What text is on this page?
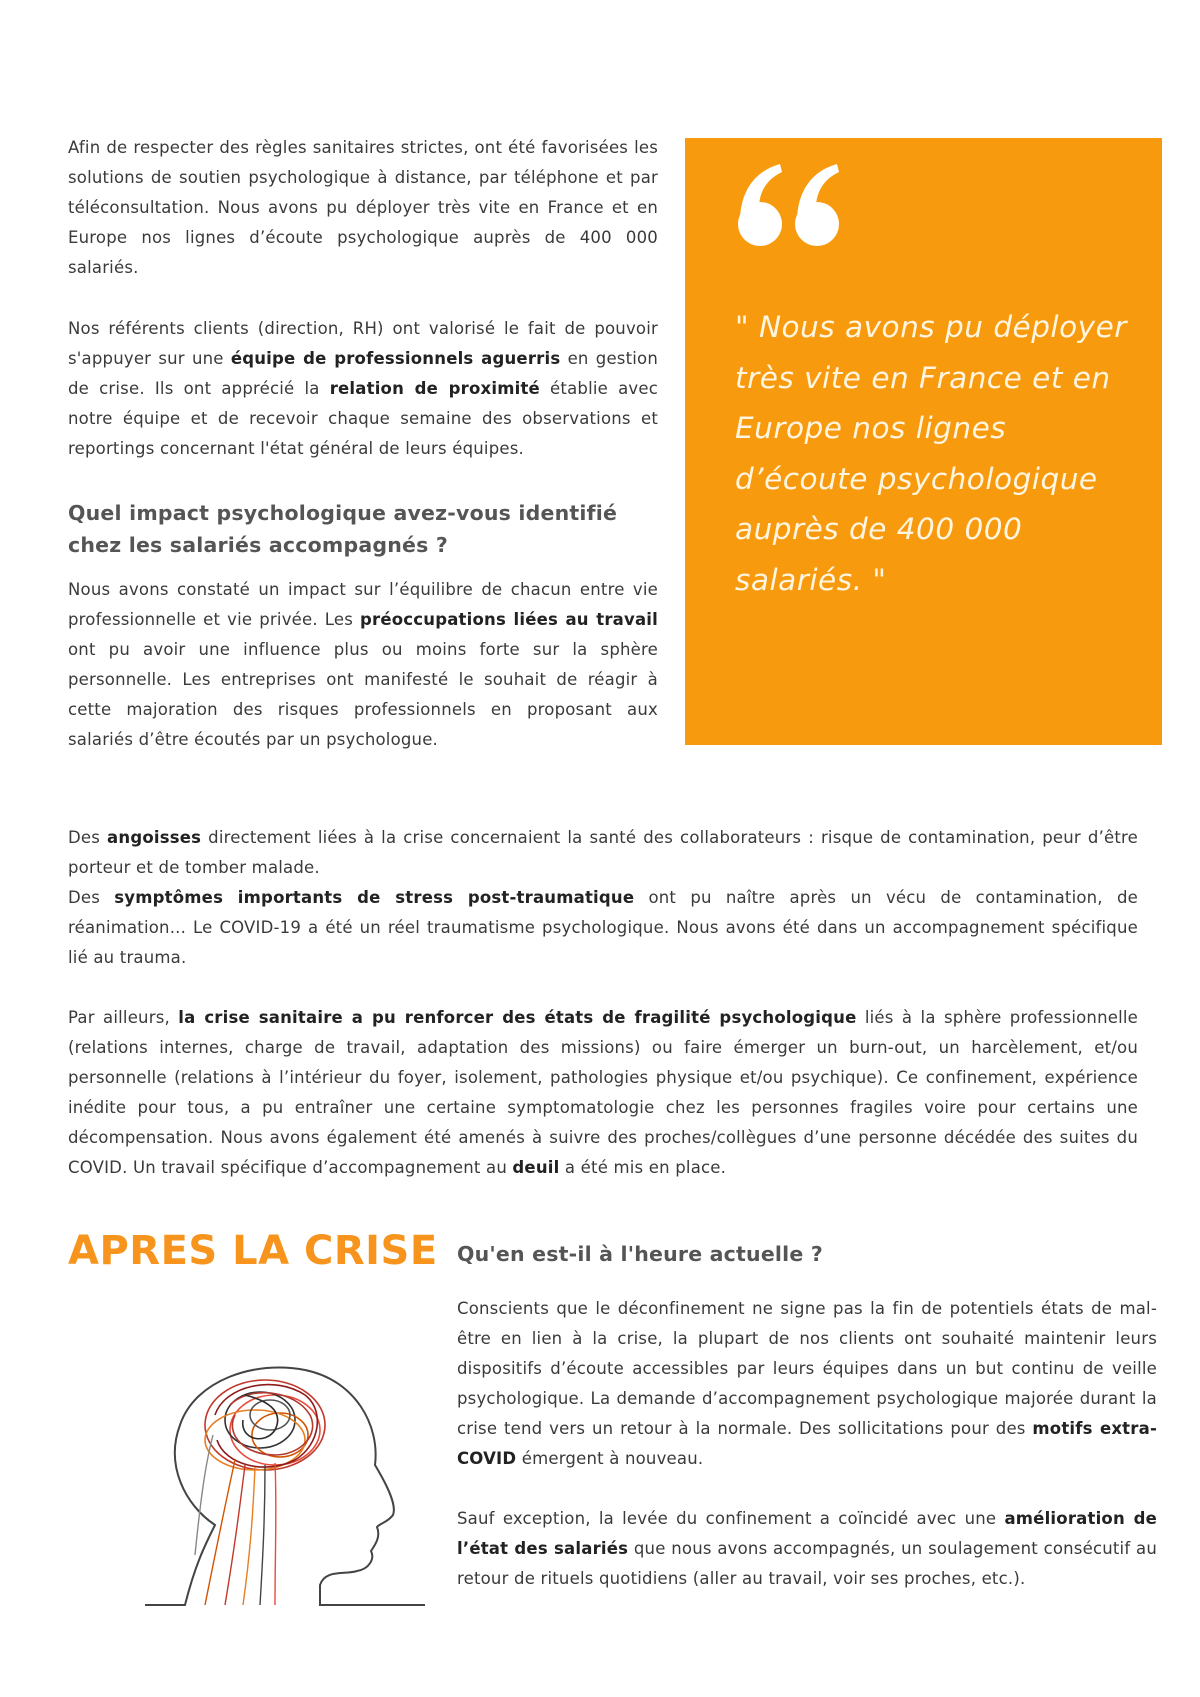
Afin de respecter des règles sanitaires strictes, ont été favorisées les solutions de soutien psychologique à distance, par téléphone et par téléconsultation. Nous avons pu déployer très vite en France et en Europe nos lignes d’écoute psychologique auprès de 400 000 salariés.

Nos référents clients (direction, RH) ont valorisé le fait de pouvoir s'appuyer sur une équipe de professionnels aguerris en gestion de crise. Ils ont apprécié la relation de proximité établie avec notre équipe et de recevoir chaque semaine des observations et reportings concernant l'état général de leurs équipes.

Quel impact psychologique avez-vous identifié chez les salariés accompagnés ?

Nous avons constaté un impact sur l’équilibre de chacun entre vie professionnelle et vie privée. Les préoccupations liées au travail ont pu avoir une influence plus ou moins forte sur la sphère personnelle. Les entreprises ont manifesté le souhait de réagir à cette majoration des risques professionnels en proposant aux salariés d’être écoutés par un psychologue.

" Nous avons pu déployer très vite en France et en Europe nos lignes d’écoute psychologique auprès de 400 000 salariés. "

Des angoisses directement liées à la crise concernaient la santé des collaborateurs : risque de contamination, peur d’être porteur et de tomber malade.

Des symptômes importants de stress post-traumatique ont pu naître après un vécu de contamination, de réanimation... Le COVID-19 a été un réel traumatisme psychologique. Nous avons été dans un accompagnement spécifique lié au trauma.

Par ailleurs, la crise sanitaire a pu renforcer des états de fragilité psychologique liés à la sphère professionnelle (relations internes, charge de travail, adaptation des missions) ou faire émerger un burn-out, un harcèlement, et/ou personnelle (relations à l’intérieur du foyer, isolement, pathologies physique et/ou psychique). Ce confinement, expérience inédite pour tous, a pu entraîner une certaine symptomatologie chez les personnes fragiles voire pour certains une décompensation. Nous avons également été amenés à suivre des proches/collègues d’une personne décédée des suites du COVID. Un travail spécifique d’accompagnement au deuil a été mis en place.

APRES LA CRISE Qu'en est-il à l'heure actuelle ?

Conscients que le déconfinement ne signe pas la fin de potentiels états de mal-être en lien à la crise, la plupart de nos clients ont souhaité maintenir leurs dispositifs d’écoute accessibles par leurs équipes dans un but continu de veille psychologique. La demande d’accompagnement psychologique majorée durant la crise tend vers un retour à la normale. Des sollicitations pour des motifs extra-COVID émergent à nouveau.

Sauf exception, la levée du confinement a coïncidé avec une amélioration de l’état des salariés que nous avons accompagnés, un soulagement consécutif au retour de rituels quotidiens (aller au travail, voir ses proches, etc.).
